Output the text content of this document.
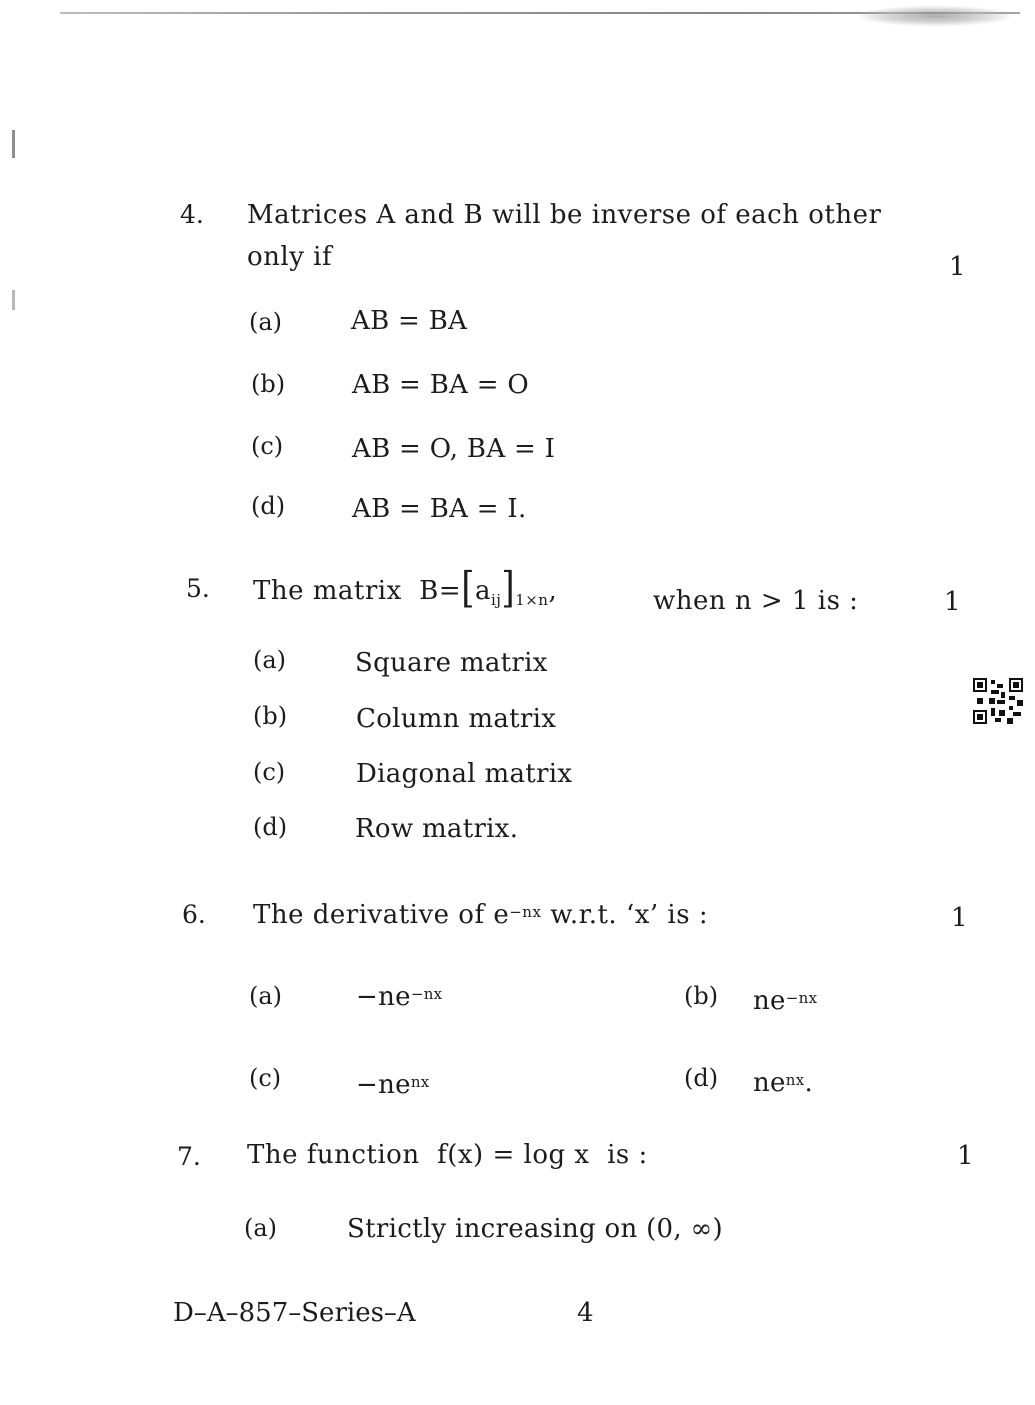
4. Matrices A and B will be inverse of each other
only if	1
(a)	AB = BA
(b)	AB = BA = O
(c)	AB = O, BA = I
(d)	AB = BA = I.
5. The matrix $B=[a_{ij}]_{1\times n}$,	when n > 1 is :	1
(a)	Square matrix
(b)	Column matrix
(c)	Diagonal matrix
(d)	Row matrix.
6. The derivative of $e^{-nx}$ w.r.t. ‘x’ is :	1
(a)	$-ne^{-nx}$	(b) $ne^{-nx}$
(c)	$-ne^{nx}$	(d) $ne^{nx}$.
7. The function f(x) = log x is :	1
(a)	Strictly increasing on (0, ∞)
D–A–857–Series–A	4
